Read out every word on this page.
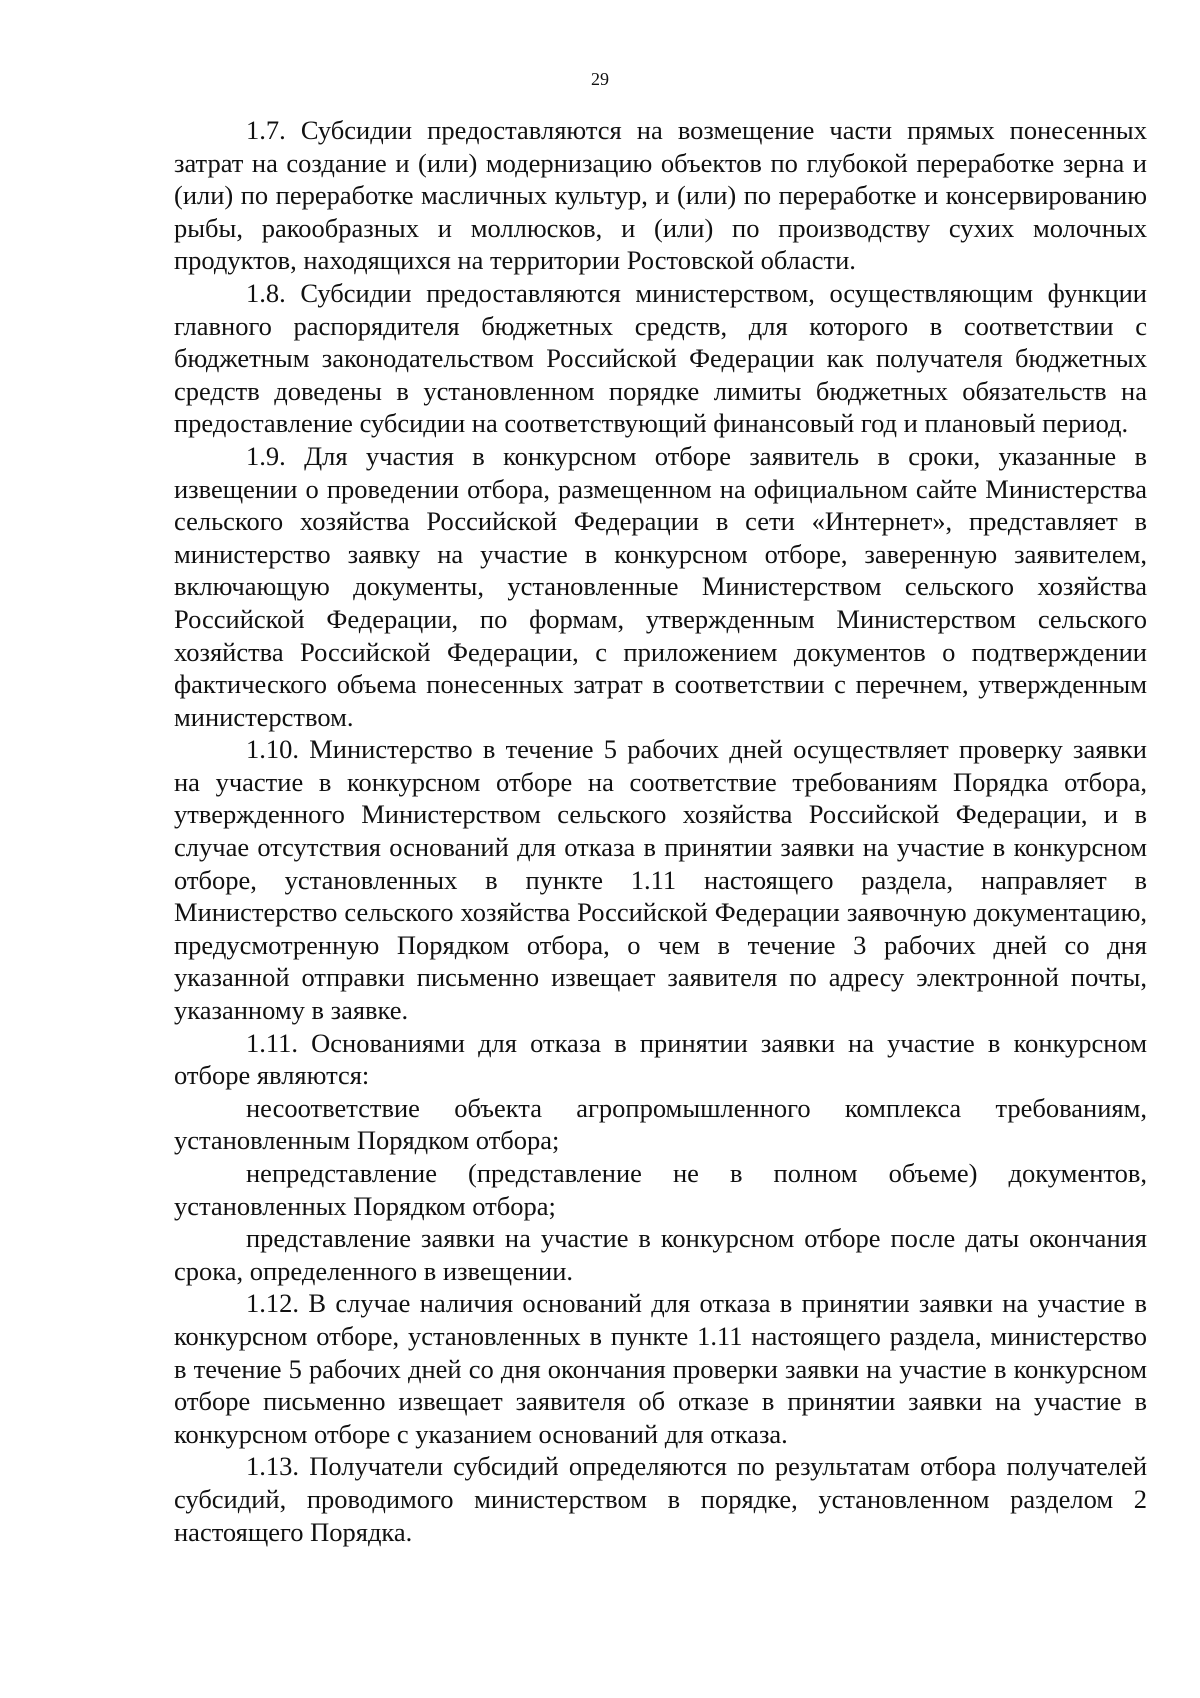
29

1.7. Субсидии предоставляются на возмещение части прямых понесенных затрат на создание и (или) модернизацию объектов по глубокой переработке зерна и (или) по переработке масличных культур, и (или) по переработке и консервированию рыбы, ракообразных и моллюсков, и (или) по производству сухих молочных продуктов, находящихся на территории Ростовской области.

1.8. Субсидии предоставляются министерством, осуществляющим функции главного распорядителя бюджетных средств, для которого в соответствии с бюджетным законодательством Российской Федерации как получателя бюджетных средств доведены в установленном порядке лимиты бюджетных обязательств на предоставление субсидии на соответствующий финансовый год и плановый период.

1.9. Для участия в конкурсном отборе заявитель в сроки, указанные в извещении о проведении отбора, размещенном на официальном сайте Министерства сельского хозяйства Российской Федерации в сети «Интернет», представляет в министерство заявку на участие в конкурсном отборе, заверенную заявителем, включающую документы, установленные Министерством сельского хозяйства Российской Федерации, по формам, утвержденным Министерством сельского хозяйства Российской Федерации, с приложением документов о подтверждении фактического объема понесенных затрат в соответствии с перечнем, утвержденным министерством.

1.10. Министерство в течение 5 рабочих дней осуществляет проверку заявки на участие в конкурсном отборе на соответствие требованиям Порядка отбора, утвержденного Министерством сельского хозяйства Российской Федерации, и в случае отсутствия оснований для отказа в принятии заявки на участие в конкурсном отборе, установленных в пункте 1.11 настоящего раздела, направляет в Министерство сельского хозяйства Российской Федерации заявочную документацию, предусмотренную Порядком отбора, о чем в течение 3 рабочих дней со дня указанной отправки письменно извещает заявителя по адресу электронной почты, указанному в заявке.

1.11. Основаниями для отказа в принятии заявки на участие в конкурсном отборе являются:

несоответствие объекта агропромышленного комплекса требованиям, установленным Порядком отбора;

непредставление (представление не в полном объеме) документов, установленных Порядком отбора;

представление заявки на участие в конкурсном отборе после даты окончания срока, определенного в извещении.

1.12. В случае наличия оснований для отказа в принятии заявки на участие в конкурсном отборе, установленных в пункте 1.11 настоящего раздела, министерство в течение 5 рабочих дней со дня окончания проверки заявки на участие в конкурсном отборе письменно извещает заявителя об отказе в принятии заявки на участие в конкурсном отборе с указанием оснований для отказа.

1.13. Получатели субсидий определяются по результатам отбора получателей субсидий, проводимого министерством в порядке, установленном разделом 2 настоящего Порядка.
